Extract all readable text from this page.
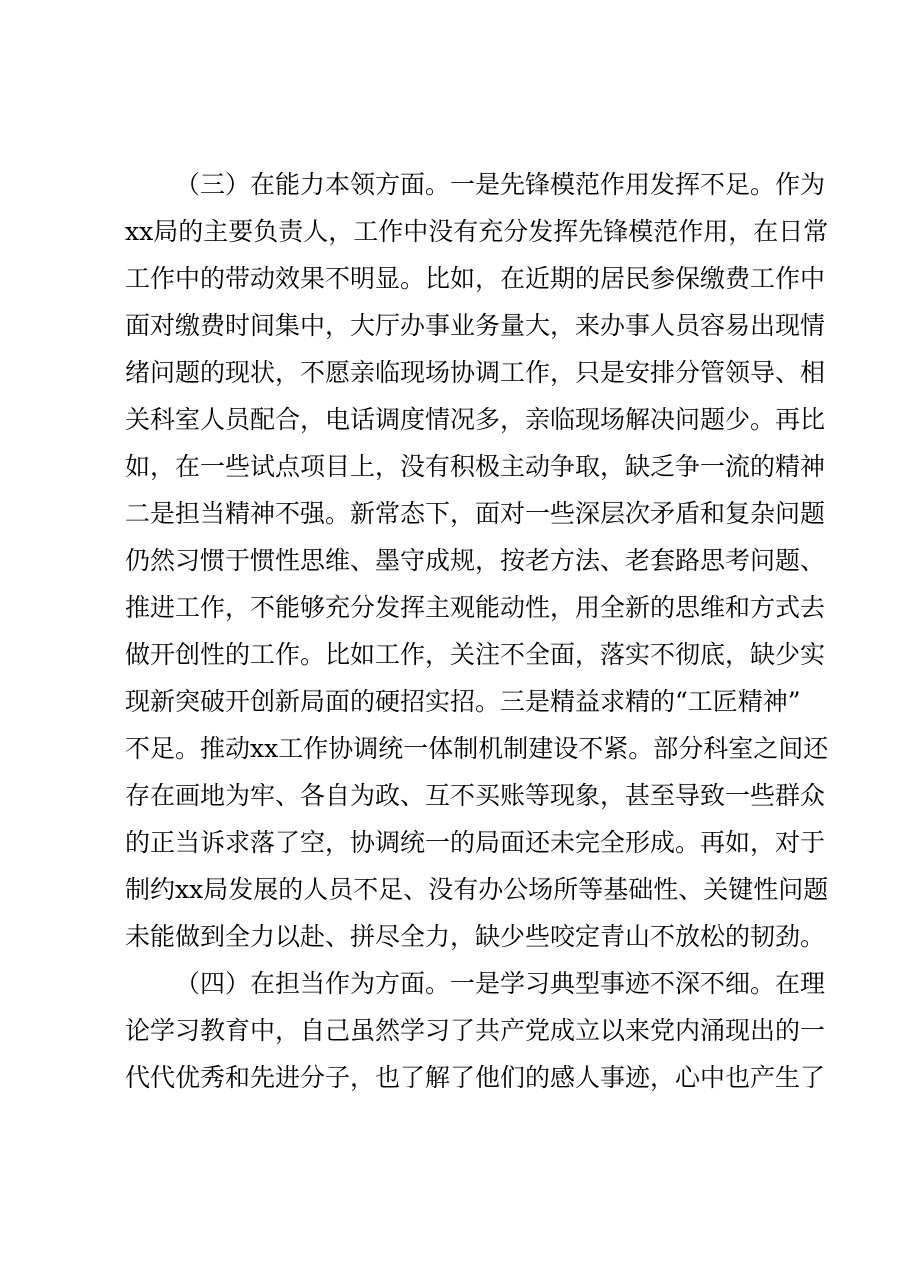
（三）在能力本领方面。一是先锋模范作用发挥不足。作为
xx局的主要负责人，工作中没有充分发挥先锋模范作用，在日常
工作中的带动效果不明显。比如，在近期的居民参保缴费工作中
面对缴费时间集中，大厅办事业务量大，来办事人员容易出现情
绪问题的现状，不愿亲临现场协调工作，只是安排分管领导、相
关科室人员配合，电话调度情况多，亲临现场解决问题少。再比
如，在一些试点项目上，没有积极主动争取，缺乏争一流的精神
二是担当精神不强。新常态下，面对一些深层次矛盾和复杂问题
仍然习惯于惯性思维、墨守成规，按老方法、老套路思考问题、
推进工作，不能够充分发挥主观能动性，用全新的思维和方式去
做开创性的工作。比如工作，关注不全面，落实不彻底，缺少实
现新突破开创新局面的硬招实招。三是精益求精的“工匠精神”
不足。推动xx工作协调统一体制机制建设不紧。部分科室之间还
存在画地为牢、各自为政、互不买账等现象，甚至导致一些群众
的正当诉求落了空，协调统一的局面还未完全形成。再如，对于
制约xx局发展的人员不足、没有办公场所等基础性、关键性问题
未能做到全力以赴、拼尽全力，缺少些咬定青山不放松的韧劲。
（四）在担当作为方面。一是学习典型事迹不深不细。在理
论学习教育中，自己虽然学习了共产党成立以来党内涌现出的一
代代优秀和先进分子，也了解了他们的感人事迹，心中也产生了
